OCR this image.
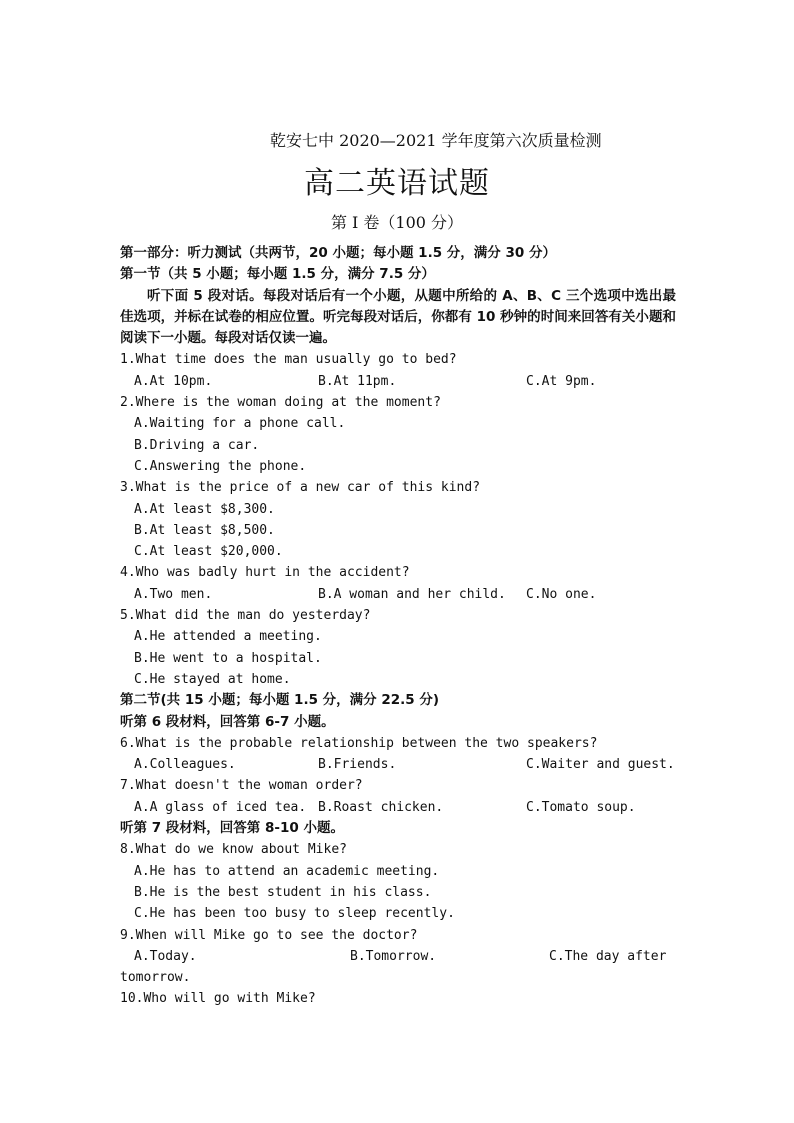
乾安七中 2020—2021 学年度第六次质量检测
高二英语试题
第 I 卷（100 分）
第一部分：听力测试（共两节，20 小题；每小题 1.5 分，满分 30 分）
第一节（共 5 小题；每小题 1.5 分，满分 7.5 分）
听下面 5 段对话。每段对话后有一个小题，从题中所给的 A、B、C 三个选项中选出最佳选项，并标在试卷的相应位置。听完每段对话后，你都有 10 秒钟的时间来回答有关小题和阅读下一小题。每段对话仅读一遍。
1.What time does the man usually go to bed?
A.At 10pm.	B.At 11pm.	C.At 9pm.
2.Where is the woman doing at the moment?
A.Waiting for a phone call.
B.Driving a car.
C.Answering the phone.
3.What is the price of a new car of this kind?
A.At least $8,300.
B.At least $8,500.
C.At least $20,000.
4.Who was badly hurt in the accident?
A.Two men.	B.A woman and her child. C.No one.
5.What did the man do yesterday?
A.He attended a meeting.
B.He went to a hospital.
C.He stayed at home.
第二节(共 15 小题；每小题 1.5 分，满分 22.5 分)
听第 6 段材料，回答第 6-7 小题。
6.What is the probable relationship between the two speakers?
A.Colleagues.	B.Friends.	C.Waiter and guest.
7.What doesn't the woman order?
A.A glass of iced tea. B.Roast chicken.	C.Tomato soup.
听第 7 段材料，回答第 8-10 小题。
8.What do we know about Mike?
A.He has to attend an academic meeting.
B.He is the best student in his class.
C.He has been too busy to sleep recently.
9.When will Mike go to see the doctor?
A.Today.	B.Tomorrow.	C.The day after
tomorrow.
10.Who will go with Mike?
